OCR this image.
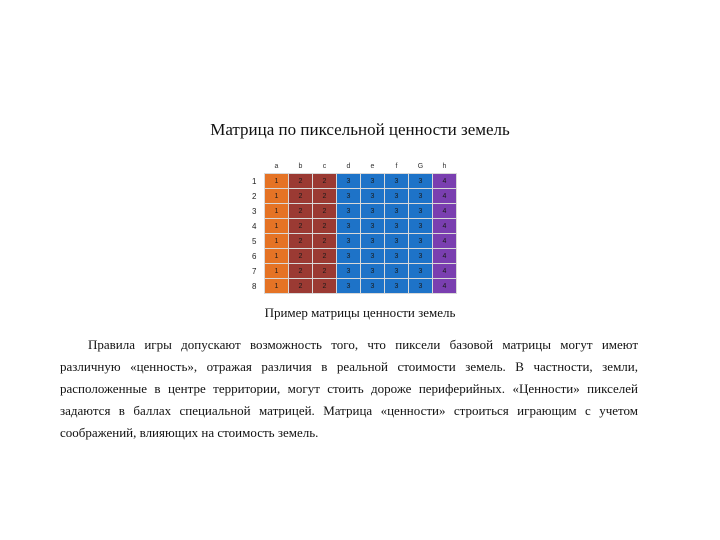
Матрица по пиксельной ценности земель
	a	b	c	d	e	f	G	h
1	1	2	2	3	3	3	3	4
2	1	2	2	3	3	3	3	4
3	1	2	2	3	3	3	3	4
4	1	2	2	3	3	3	3	4
5	1	2	2	3	3	3	3	4
6	1	2	2	3	3	3	3	4
7	1	2	2	3	3	3	3	4
8	1	2	2	3	3	3	3	4
Пример матрицы ценности земель

Правила игры допускают возможность того, что пиксели базовой матрицы могут имеют различную «ценность», отражая различия в реальной стоимости земель. В частности, земли, расположенные в центре территории, могут стоить дороже периферийных. «Ценности» пикселей задаются в баллах специальной матрицей. Матрица «ценности» строиться играющим с учетом соображений, влияющих на стоимость земель.
